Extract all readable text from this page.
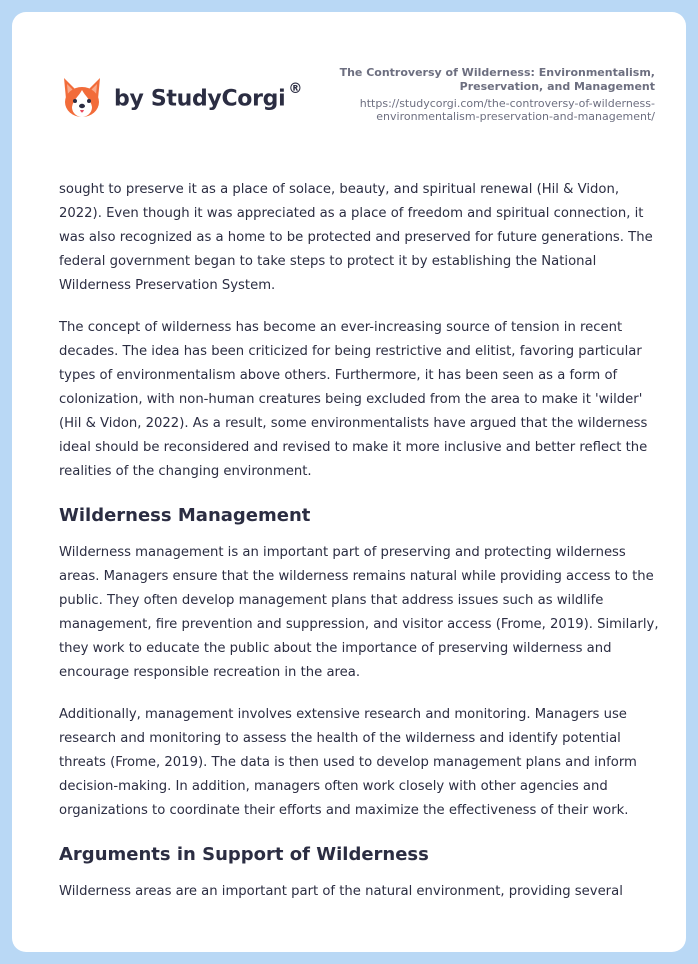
by StudyCorgi ®
The Controversy of Wilderness: Environmentalism, Preservation, and Management
https://studycorgi.com/the-controversy-of-wilderness-environmentalism-preservation-and-management/

sought to preserve it as a place of solace, beauty, and spiritual renewal (Hil & Vidon, 2022). Even though it was appreciated as a place of freedom and spiritual connection, it was also recognized as a home to be protected and preserved for future generations. The federal government began to take steps to protect it by establishing the National Wilderness Preservation System.

The concept of wilderness has become an ever-increasing source of tension in recent decades. The idea has been criticized for being restrictive and elitist, favoring particular types of environmentalism above others. Furthermore, it has been seen as a form of colonization, with non-human creatures being excluded from the area to make it 'wilder' (Hil & Vidon, 2022). As a result, some environmentalists have argued that the wilderness ideal should be reconsidered and revised to make it more inclusive and better reflect the realities of the changing environment.

Wilderness Management

Wilderness management is an important part of preserving and protecting wilderness areas. Managers ensure that the wilderness remains natural while providing access to the public. They often develop management plans that address issues such as wildlife management, fire prevention and suppression, and visitor access (Frome, 2019). Similarly, they work to educate the public about the importance of preserving wilderness and encourage responsible recreation in the area.

Additionally, management involves extensive research and monitoring. Managers use research and monitoring to assess the health of the wilderness and identify potential threats (Frome, 2019). The data is then used to develop management plans and inform decision-making. In addition, managers often work closely with other agencies and organizations to coordinate their efforts and maximize the effectiveness of their work.

Arguments in Support of Wilderness

Wilderness areas are an important part of the natural environment, providing several
